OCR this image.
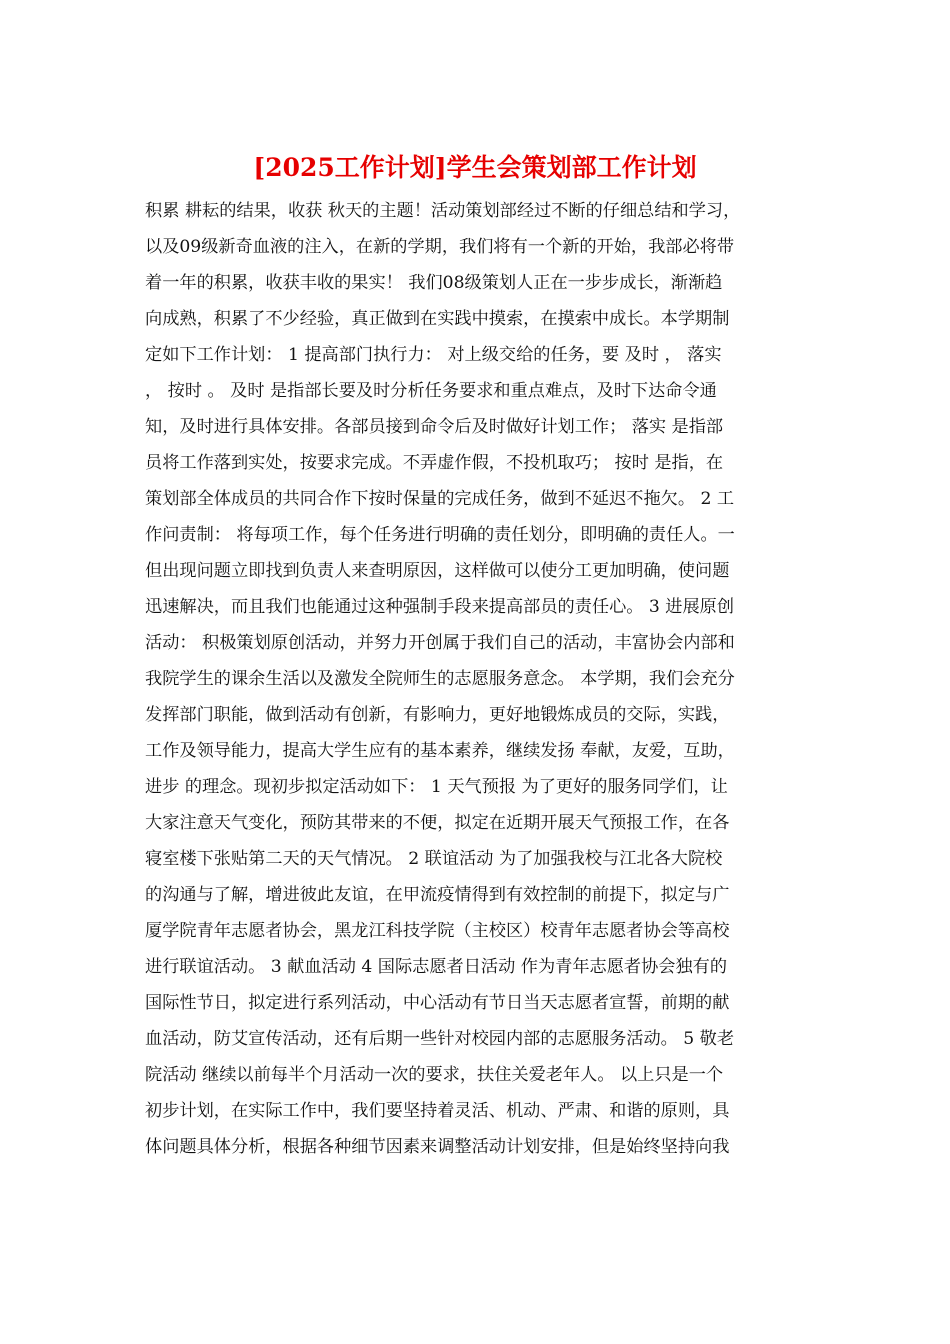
[2025工作计划]学生会策划部工作计划
积累 耕耘的结果，收获 秋天的主题！活动策划部经过不断的仔细总结和学习，
以及09级新奇血液的注入，在新的学期，我们将有一个新的开始，我部必将带
着一年的积累，收获丰收的果实！ 我们08级策划人正在一步步成长，渐渐趋
向成熟，积累了不少经验，真正做到在实践中摸索，在摸索中成长。本学期制
定如下工作计划： 1 提高部门执行力： 对上级交给的任务，要 及时 ， 落实
， 按时 。 及时 是指部长要及时分析任务要求和重点难点，及时下达命令通
知，及时进行具体安排。各部员接到命令后及时做好计划工作； 落实 是指部
员将工作落到实处，按要求完成。不弄虚作假，不投机取巧； 按时 是指，在
策划部全体成员的共同合作下按时保量的完成任务，做到不延迟不拖欠。 2 工
作问责制： 将每项工作，每个任务进行明确的责任划分，即明确的责任人。一
但出现问题立即找到负责人来查明原因，这样做可以使分工更加明确，使问题
迅速解决，而且我们也能通过这种强制手段来提高部员的责任心。 3 进展原创
活动： 积极策划原创活动，并努力开创属于我们自己的活动，丰富协会内部和
我院学生的课余生活以及激发全院师生的志愿服务意念。 本学期，我们会充分
发挥部门职能，做到活动有创新，有影响力，更好地锻炼成员的交际，实践，
工作及领导能力，提高大学生应有的基本素养，继续发扬 奉献，友爱，互助，
进步 的理念。现初步拟定活动如下： 1 天气预报 为了更好的服务同学们，让
大家注意天气变化，预防其带来的不便，拟定在近期开展天气预报工作，在各
寝室楼下张贴第二天的天气情况。 2 联谊活动 为了加强我校与江北各大院校
的沟通与了解，增进彼此友谊，在甲流疫情得到有效控制的前提下，拟定与广
厦学院青年志愿者协会，黑龙江科技学院（主校区）校青年志愿者协会等高校
进行联谊活动。 3 献血活动 4 国际志愿者日活动 作为青年志愿者协会独有的
国际性节日，拟定进行系列活动，中心活动有节日当天志愿者宣誓，前期的献
血活动，防艾宣传活动，还有后期一些针对校园内部的志愿服务活动。 5 敬老
院活动 继续以前每半个月活动一次的要求，扶住关爱老年人。 以上只是一个
初步计划，在实际工作中，我们要坚持着灵活、机动、严肃、和谐的原则，具
体问题具体分析，根据各种细节因素来调整活动计划安排，但是始终坚持向我
